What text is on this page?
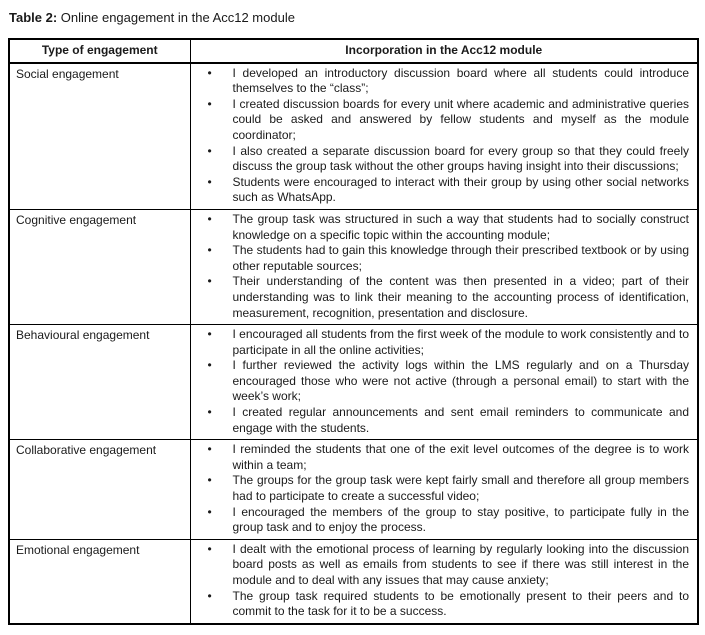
Table 2: Online engagement in the Acc12 module
Type of engagement	Incorporation in the Acc12 module
Social engagement	• I developed an introductory discussion board where all students could introduce themselves to the “class”;
• I created discussion boards for every unit where academic and administrative queries could be asked and answered by fellow students and myself as the module coordinator;
• I also created a separate discussion board for every group so that they could freely discuss the group task without the other groups having insight into their discussions;
• Students were encouraged to interact with their group by using other social networks such as WhatsApp.

Cognitive engagement	• The group task was structured in such a way that students had to socially construct knowledge on a specific topic within the accounting module;
• The students had to gain this knowledge through their prescribed textbook or by using other reputable sources;
• Their understanding of the content was then presented in a video; part of their understanding was to link their meaning to the accounting process of identification, measurement, recognition, presentation and disclosure.

Behavioural engagement	• I encouraged all students from the first week of the module to work consistently and to participate in all the online activities;
• I further reviewed the activity logs within the LMS regularly and on a Thursday encouraged those who were not active (through a personal email) to start with the week’s work;
• I created regular announcements and sent email reminders to communicate and engage with the students.

Collaborative engagement	• I reminded the students that one of the exit level outcomes of the degree is to work within a team;
• The groups for the group task were kept fairly small and therefore all group members had to participate to create a successful video;
• I encouraged the members of the group to stay positive, to participate fully in the group task and to enjoy the process.

Emotional engagement	• I dealt with the emotional process of learning by regularly looking into the discussion board posts as well as emails from students to see if there was still interest in the module and to deal with any issues that may cause anxiety;
• The group task required students to be emotionally present to their peers and to commit to the task for it to be a success.
